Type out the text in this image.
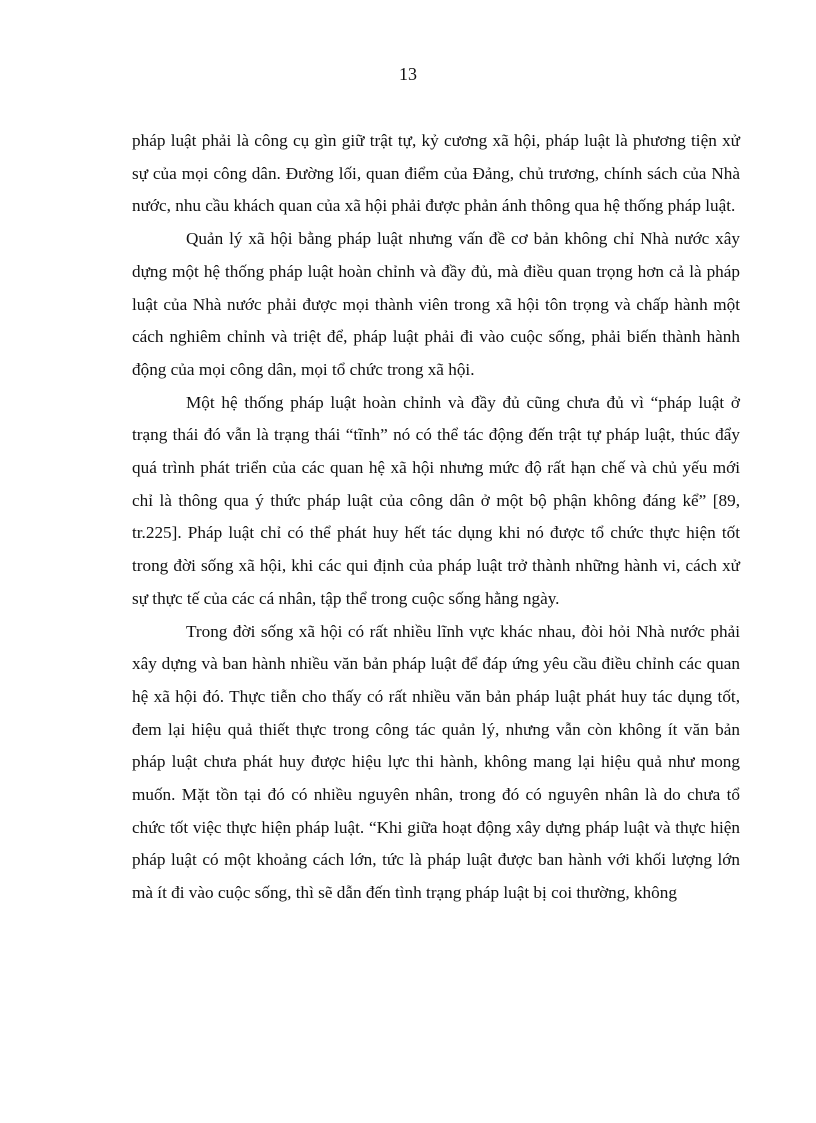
13

pháp luật phải là công cụ gìn giữ trật tự, kỷ cương xã hội, pháp luật là phương tiện xử sự của mọi công dân. Đường lối, quan điểm của Đảng, chủ trương, chính sách của Nhà nước, nhu cầu khách quan của xã hội phải được phản ánh thông qua hệ thống pháp luật.

Quản lý xã hội bằng pháp luật nhưng vấn đề cơ bản không chỉ Nhà nước xây dựng một hệ thống pháp luật hoàn chỉnh và đầy đủ, mà điều quan trọng hơn cả là pháp luật của Nhà nước phải được mọi thành viên trong xã hội tôn trọng và chấp hành một cách nghiêm chỉnh và triệt để, pháp luật phải đi vào cuộc sống, phải biến thành hành động của mọi công dân, mọi tổ chức trong xã hội.

Một hệ thống pháp luật hoàn chỉnh và đầy đủ cũng chưa đủ vì “pháp luật ở trạng thái đó vẫn là trạng thái “tĩnh” nó có thể tác động đến trật tự pháp luật, thúc đẩy quá trình phát triển của các quan hệ xã hội nhưng mức độ rất hạn chế và chủ yếu mới chỉ là thông qua ý thức pháp luật của công dân ở một bộ phận không đáng kể” [89, tr.225]. Pháp luật chỉ có thể phát huy hết tác dụng khi nó được tổ chức thực hiện tốt trong đời sống xã hội, khi các qui định của pháp luật trở thành những hành vi, cách xử sự thực tế của các cá nhân, tập thể trong cuộc sống hằng ngày.

Trong đời sống xã hội có rất nhiều lĩnh vực khác nhau, đòi hỏi Nhà nước phải xây dựng và ban hành nhiều văn bản pháp luật để đáp ứng yêu cầu điều chỉnh các quan hệ xã hội đó. Thực tiễn cho thấy có rất nhiều văn bản pháp luật phát huy tác dụng tốt, đem lại hiệu quả thiết thực trong công tác quản lý, nhưng vẫn còn không ít văn bản pháp luật chưa phát huy được hiệu lực thi hành, không mang lại hiệu quả như mong muốn. Mặt tồn tại đó có nhiều nguyên nhân, trong đó có nguyên nhân là do chưa tổ chức tốt việc thực hiện pháp luật. “Khi giữa hoạt động xây dựng pháp luật và thực hiện pháp luật có một khoảng cách lớn, tức là pháp luật được ban hành với khối lượng lớn mà ít đi vào cuộc sống, thì sẽ dẫn đến tình trạng pháp luật bị coi thường, không
